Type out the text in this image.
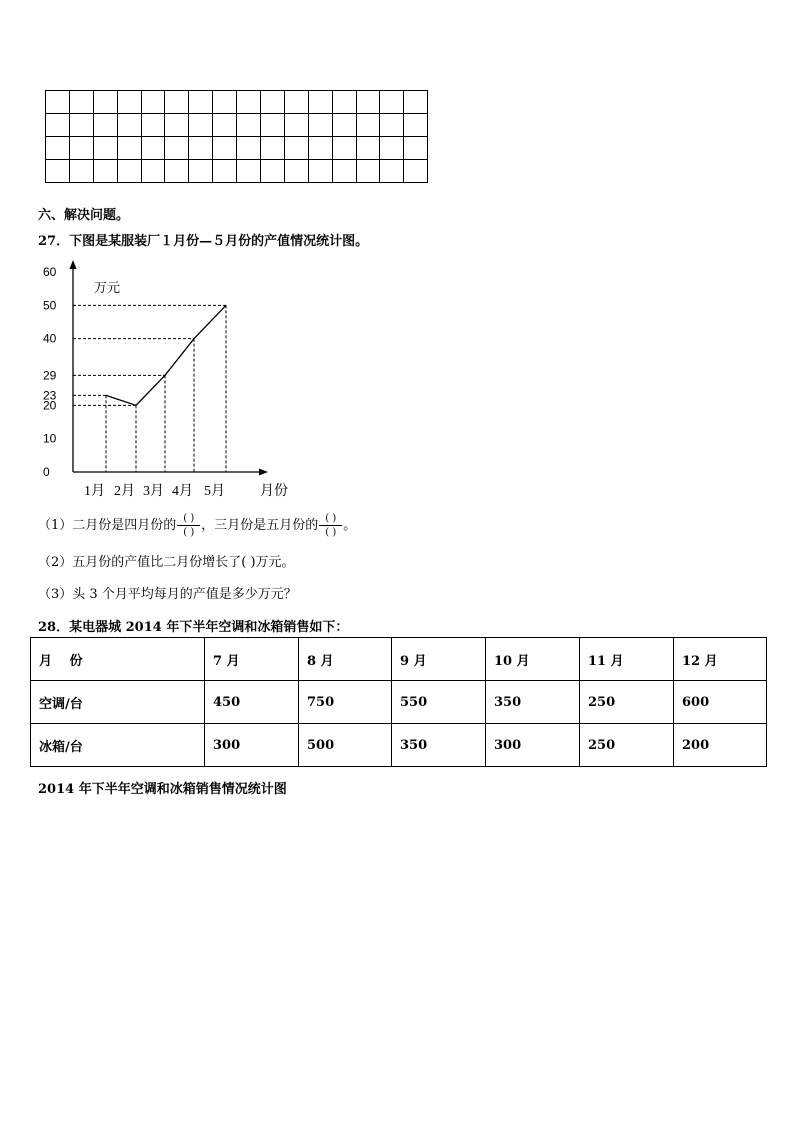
六、解决问题。
27．下图是某服装厂１月份—５月份的产值情况统计图。
60
50
40
29
23
20
10
0
1月 2月 3月 4月 5月
万元
月份
（1）二月份是四月份的 $\frac{( )}{( )}$ ，三月份是五月份的 $\frac{( )}{( )}$ 。
（2）五月份的产值比二月份增长了( )万元。
（3）头 3 个月平均每月的产值是多少万元？
28．某电器城 2014 年下半年空调和冰箱销售如下：
月　 份	7 月	8 月	9 月	10 月	11 月	12 月
空调/台	450	750	550	350	250	600
冰箱/台	300	500	350	300	250	200
2014 年下半年空调和冰箱销售情况统计图
